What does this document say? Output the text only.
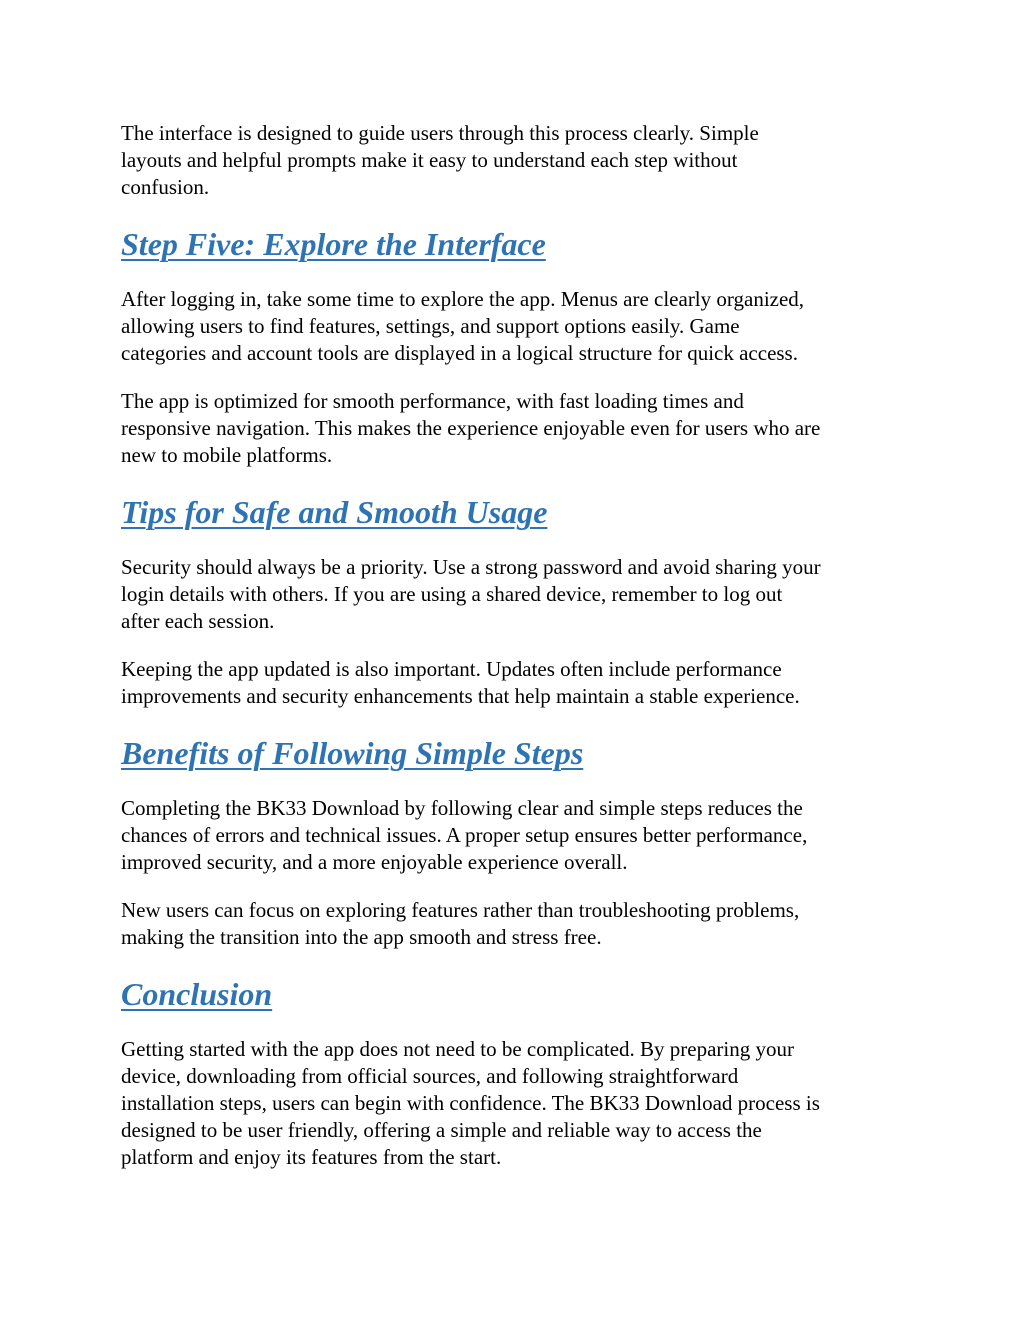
The interface is designed to guide users through this process clearly. Simple
layouts and helpful prompts make it easy to understand each step without
confusion.

Step Five: Explore the Interface

After logging in, take some time to explore the app. Menus are clearly organized,
allowing users to find features, settings, and support options easily. Game
categories and account tools are displayed in a logical structure for quick access.

The app is optimized for smooth performance, with fast loading times and
responsive navigation. This makes the experience enjoyable even for users who are
new to mobile platforms.

Tips for Safe and Smooth Usage

Security should always be a priority. Use a strong password and avoid sharing your
login details with others. If you are using a shared device, remember to log out
after each session.

Keeping the app updated is also important. Updates often include performance
improvements and security enhancements that help maintain a stable experience.

Benefits of Following Simple Steps

Completing the BK33 Download by following clear and simple steps reduces the
chances of errors and technical issues. A proper setup ensures better performance,
improved security, and a more enjoyable experience overall.

New users can focus on exploring features rather than troubleshooting problems,
making the transition into the app smooth and stress free.

Conclusion

Getting started with the app does not need to be complicated. By preparing your
device, downloading from official sources, and following straightforward
installation steps, users can begin with confidence. The BK33 Download process is
designed to be user friendly, offering a simple and reliable way to access the
platform and enjoy its features from the start.
